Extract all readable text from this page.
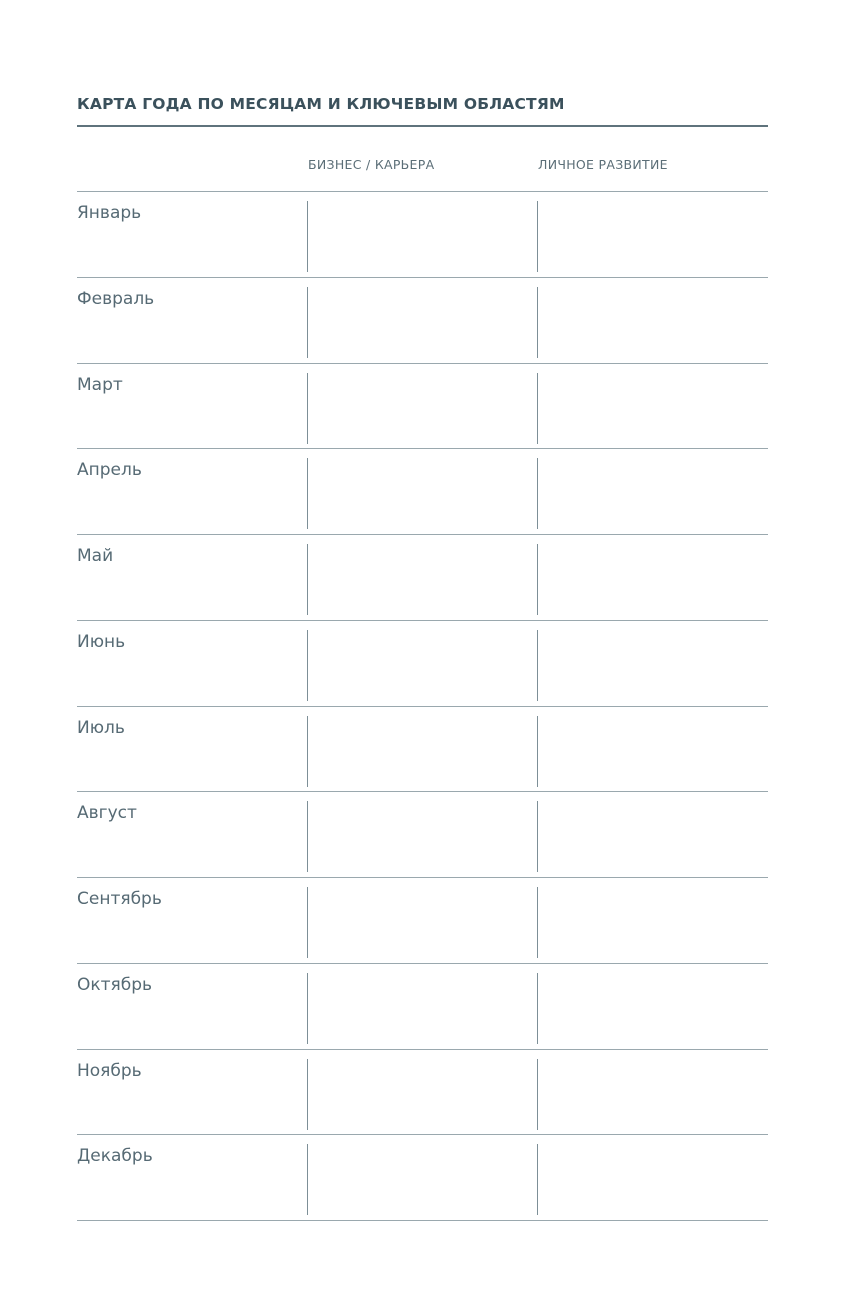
КАРТА ГОДА ПО МЕСЯЦАМ И КЛЮЧЕВЫМ ОБЛАСТЯМ
БИЗНЕС / КАРЬЕРА	ЛИЧНОЕ РАЗВИТИЕ
Январь
Февраль
Март
Апрель
Май
Июнь
Июль
Август
Сентябрь
Октябрь
Ноябрь
Декабрь
